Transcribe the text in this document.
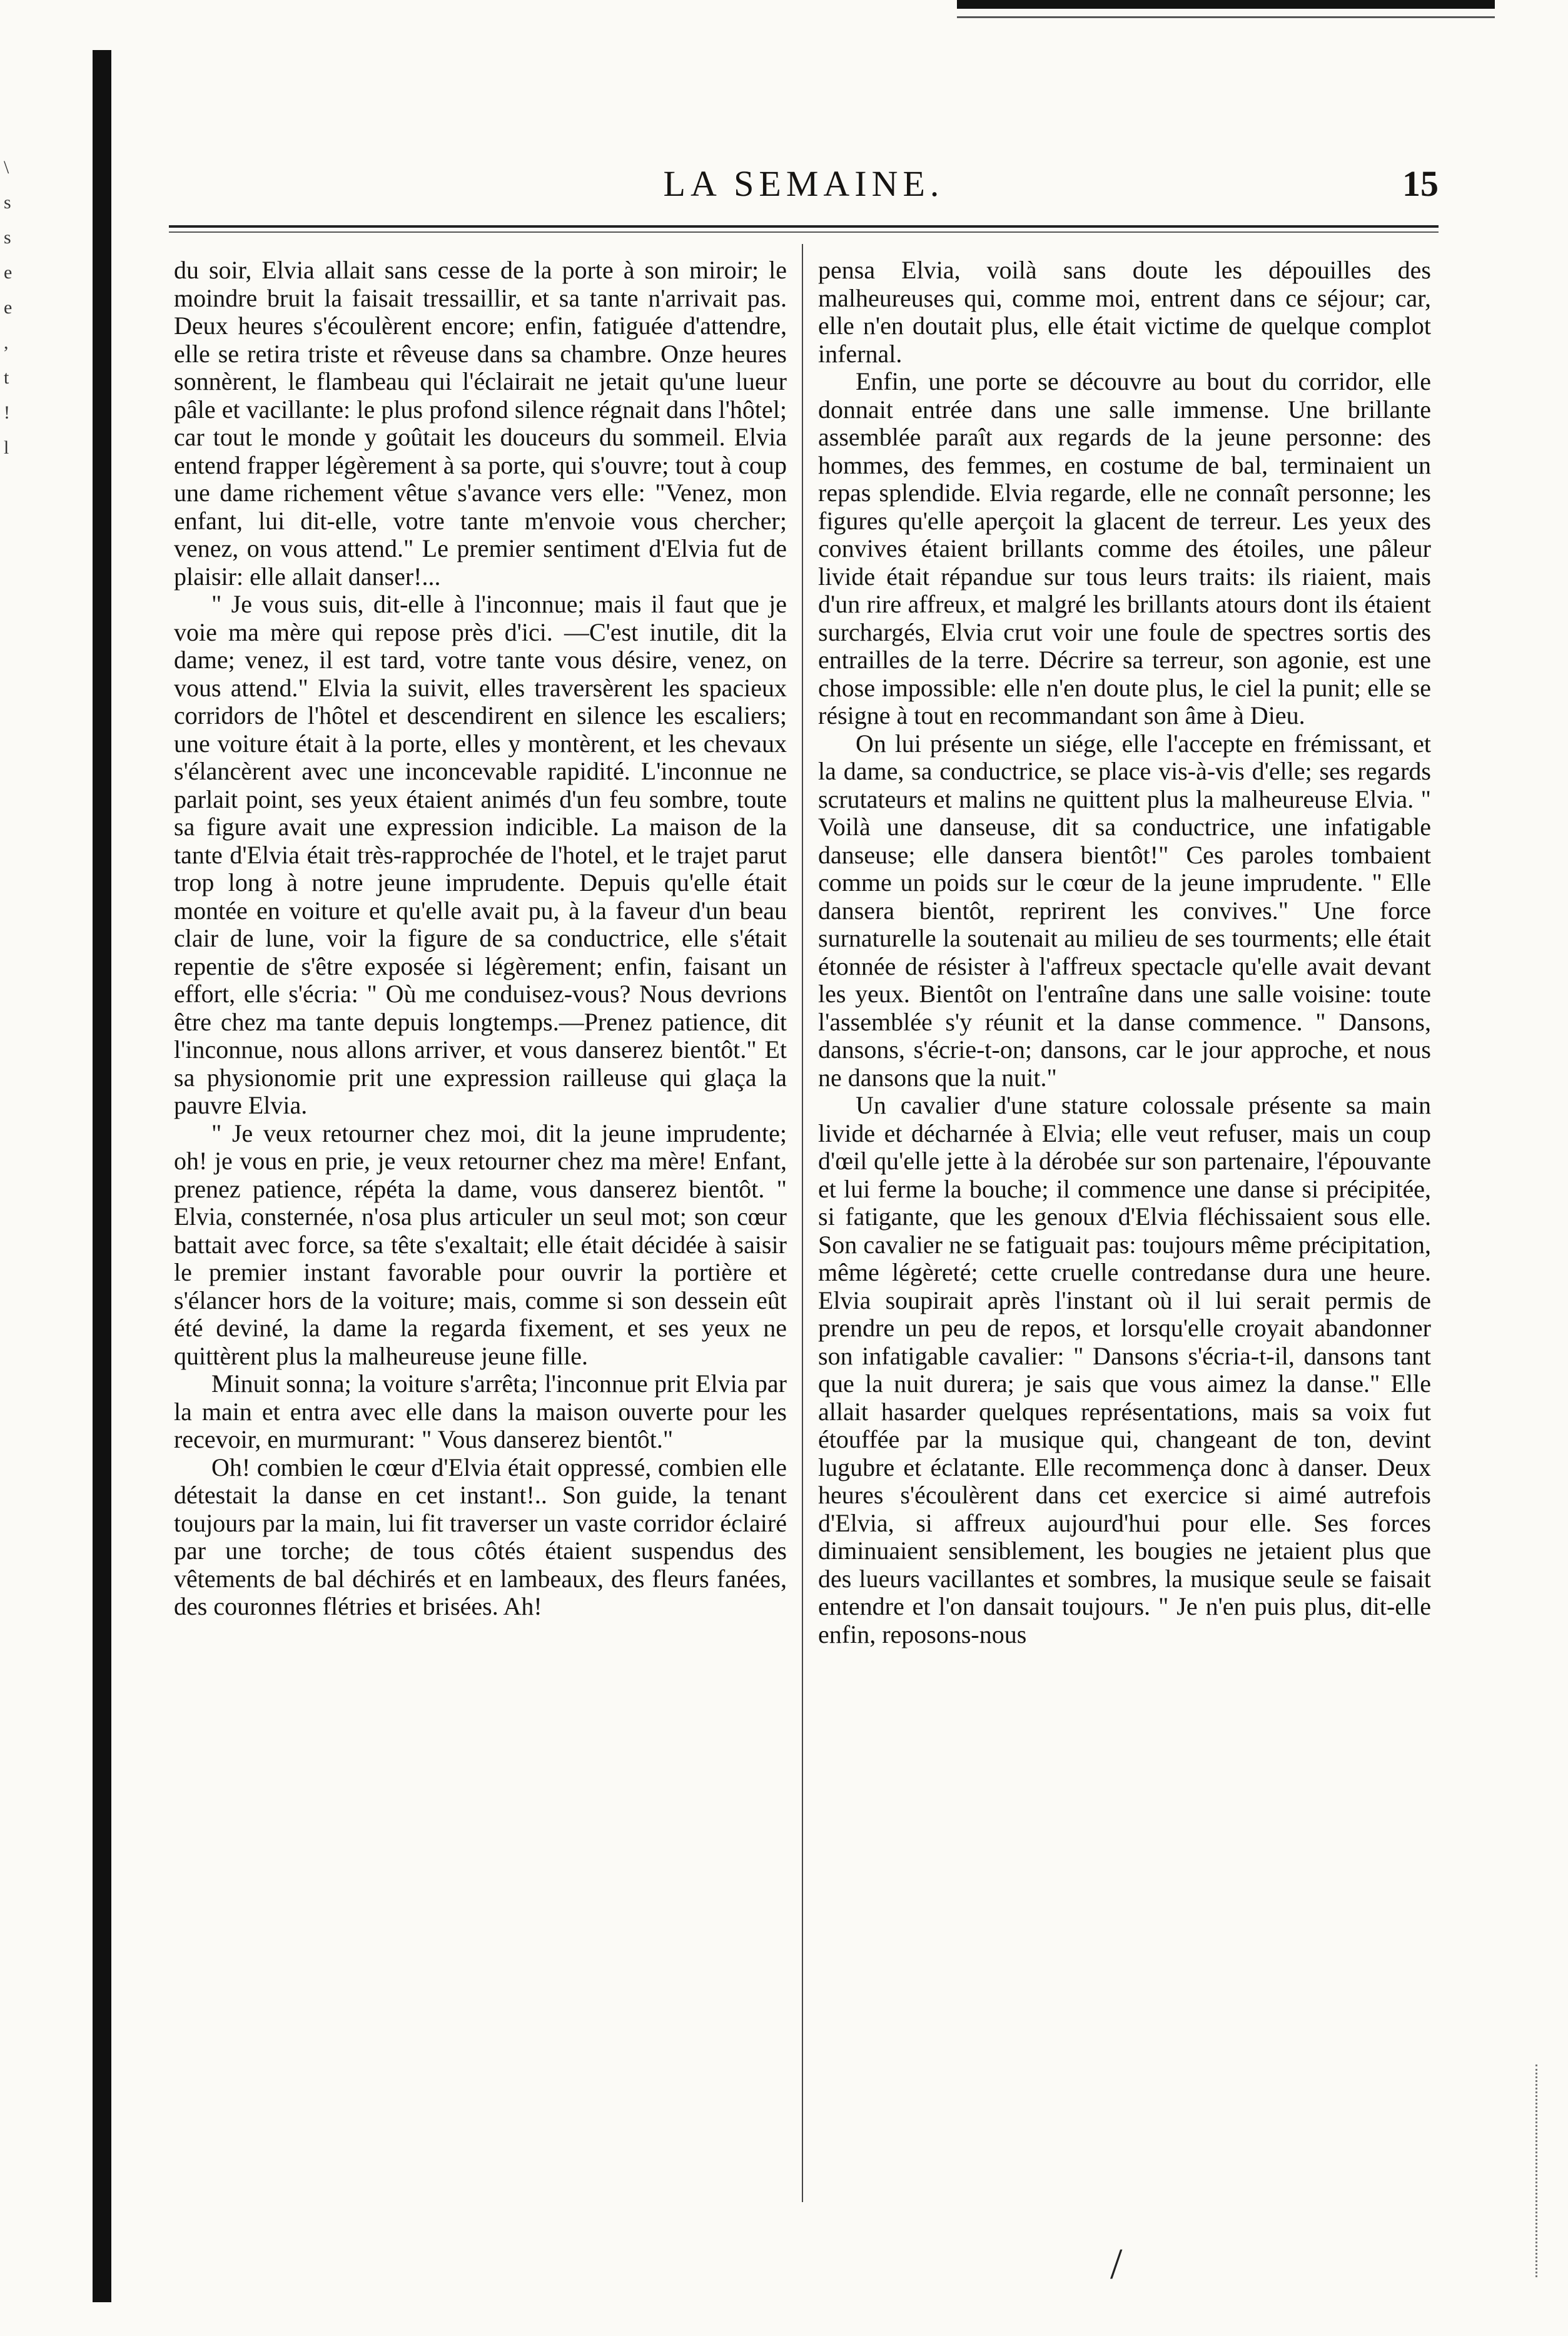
\
s
s
e
e
,
t
!
l
LA SEMAINE.	15

du soir, Elvia allait sans cesse de la porte à son miroir; le moindre bruit la faisait tressaillir, et sa tante n'arrivait pas. Deux heures s'écoulèrent encore; enfin, fatiguée d'attendre, elle se retira triste et rêveuse dans sa chambre. Onze heures sonnèrent, le flambeau qui l'éclairait ne jetait qu'une lueur pâle et vacillante: le plus profond silence régnait dans l'hôtel; car tout le monde y goûtait les douceurs du sommeil. Elvia entend frapper légèrement à sa porte, qui s'ouvre; tout à coup une dame richement vêtue s'avance vers elle: "Venez, mon enfant, lui dit-elle, votre tante m'envoie vous chercher; venez, on vous attend." Le premier sentiment d'Elvia fut de plaisir: elle allait danser!...

" Je vous suis, dit-elle à l'inconnue; mais il faut que je voie ma mère qui repose près d'ici. —C'est inutile, dit la dame; venez, il est tard, votre tante vous désire, venez, on vous attend." Elvia la suivit, elles traversèrent les spacieux corridors de l'hôtel et descendirent en silence les escaliers; une voiture était à la porte, elles y montèrent, et les chevaux s'élancèrent avec une inconcevable rapidité. L'inconnue ne parlait point, ses yeux étaient animés d'un feu sombre, toute sa figure avait une expression indicible. La maison de la tante d'Elvia était très-rapprochée de l'hotel, et le trajet parut trop long à notre jeune imprudente. Depuis qu'elle était montée en voiture et qu'elle avait pu, à la faveur d'un beau clair de lune, voir la figure de sa conductrice, elle s'était repentie de s'être exposée si légèrement; enfin, faisant un effort, elle s'écria: " Où me conduisez-vous? Nous devrions être chez ma tante depuis longtemps.—Prenez patience, dit l'inconnue, nous allons arriver, et vous danserez bientôt." Et sa physionomie prit une expression railleuse qui glaça la pauvre Elvia.

" Je veux retourner chez moi, dit la jeune imprudente; oh! je vous en prie, je veux retourner chez ma mère! Enfant, prenez patience, répéta la dame, vous danserez bientôt. " Elvia, consternée, n'osa plus articuler un seul mot; son cœur battait avec force, sa tête s'exaltait; elle était décidée à saisir le premier instant favorable pour ouvrir la portière et s'élancer hors de la voiture; mais, comme si son dessein eût été deviné, la dame la regarda fixement, et ses yeux ne quittèrent plus la malheureuse jeune fille.

Minuit sonna; la voiture s'arrêta; l'inconnue prit Elvia par la main et entra avec elle dans la maison ouverte pour les recevoir, en murmurant: " Vous danserez bientôt."

Oh! combien le cœur d'Elvia était oppressé, combien elle détestait la danse en cet instant!.. Son guide, la tenant toujours par la main, lui fit traverser un vaste corridor éclairé par une torche; de tous côtés étaient suspendus des vêtements de bal déchirés et en lambeaux, des fleurs fanées, des couronnes flétries et brisées. Ah!

pensa Elvia, voilà sans doute les dépouilles des malheureuses qui, comme moi, entrent dans ce séjour; car, elle n'en doutait plus, elle était victime de quelque complot infernal.

Enfin, une porte se découvre au bout du corridor, elle donnait entrée dans une salle immense. Une brillante assemblée paraît aux regards de la jeune personne: des hommes, des femmes, en costume de bal, terminaient un repas splendide. Elvia regarde, elle ne connaît personne; les figures qu'elle aperçoit la glacent de terreur. Les yeux des convives étaient brillants comme des étoiles, une pâleur livide était répandue sur tous leurs traits: ils riaient, mais d'un rire affreux, et malgré les brillants atours dont ils étaient surchargés, Elvia crut voir une foule de spectres sortis des entrailles de la terre. Décrire sa terreur, son agonie, est une chose impossible: elle n'en doute plus, le ciel la punit; elle se résigne à tout en recommandant son âme à Dieu.

On lui présente un siége, elle l'accepte en frémissant, et la dame, sa conductrice, se place vis-à-vis d'elle; ses regards scrutateurs et malins ne quittent plus la malheureuse Elvia. " Voilà une danseuse, dit sa conductrice, une infatigable danseuse; elle dansera bientôt!" Ces paroles tombaient comme un poids sur le cœur de la jeune imprudente. " Elle dansera bientôt, reprirent les convives." Une force surnaturelle la soutenait au milieu de ses tourments; elle était étonnée de résister à l'affreux spectacle qu'elle avait devant les yeux. Bientôt on l'entraîne dans une salle voisine: toute l'assemblée s'y réunit et la danse commence. " Dansons, dansons, s'écrie-t-on; dansons, car le jour approche, et nous ne dansons que la nuit."

Un cavalier d'une stature colossale présente sa main livide et décharnée à Elvia; elle veut refuser, mais un coup d'œil qu'elle jette à la dérobée sur son partenaire, l'épouvante et lui ferme la bouche; il commence une danse si précipitée, si fatigante, que les genoux d'Elvia fléchissaient sous elle. Son cavalier ne se fatiguait pas: toujours même précipitation, même légèreté; cette cruelle contredanse dura une heure. Elvia soupirait après l'instant où il lui serait permis de prendre un peu de repos, et lorsqu'elle croyait abandonner son infatigable cavalier: " Dansons s'écria-t-il, dansons tant que la nuit durera; je sais que vous aimez la danse." Elle allait hasarder quelques représentations, mais sa voix fut étouffée par la musique qui, changeant de ton, devint lugubre et éclatante. Elle recommença donc à danser. Deux heures s'écoulèrent dans cet exercice si aimé autrefois d'Elvia, si affreux aujourd'hui pour elle. Ses forces diminuaient sensiblement, les bougies ne jetaient plus que des lueurs vacillantes et sombres, la musique seule se faisait entendre et l'on dansait toujours. " Je n'en puis plus, dit-elle enfin, reposons-nous

/
